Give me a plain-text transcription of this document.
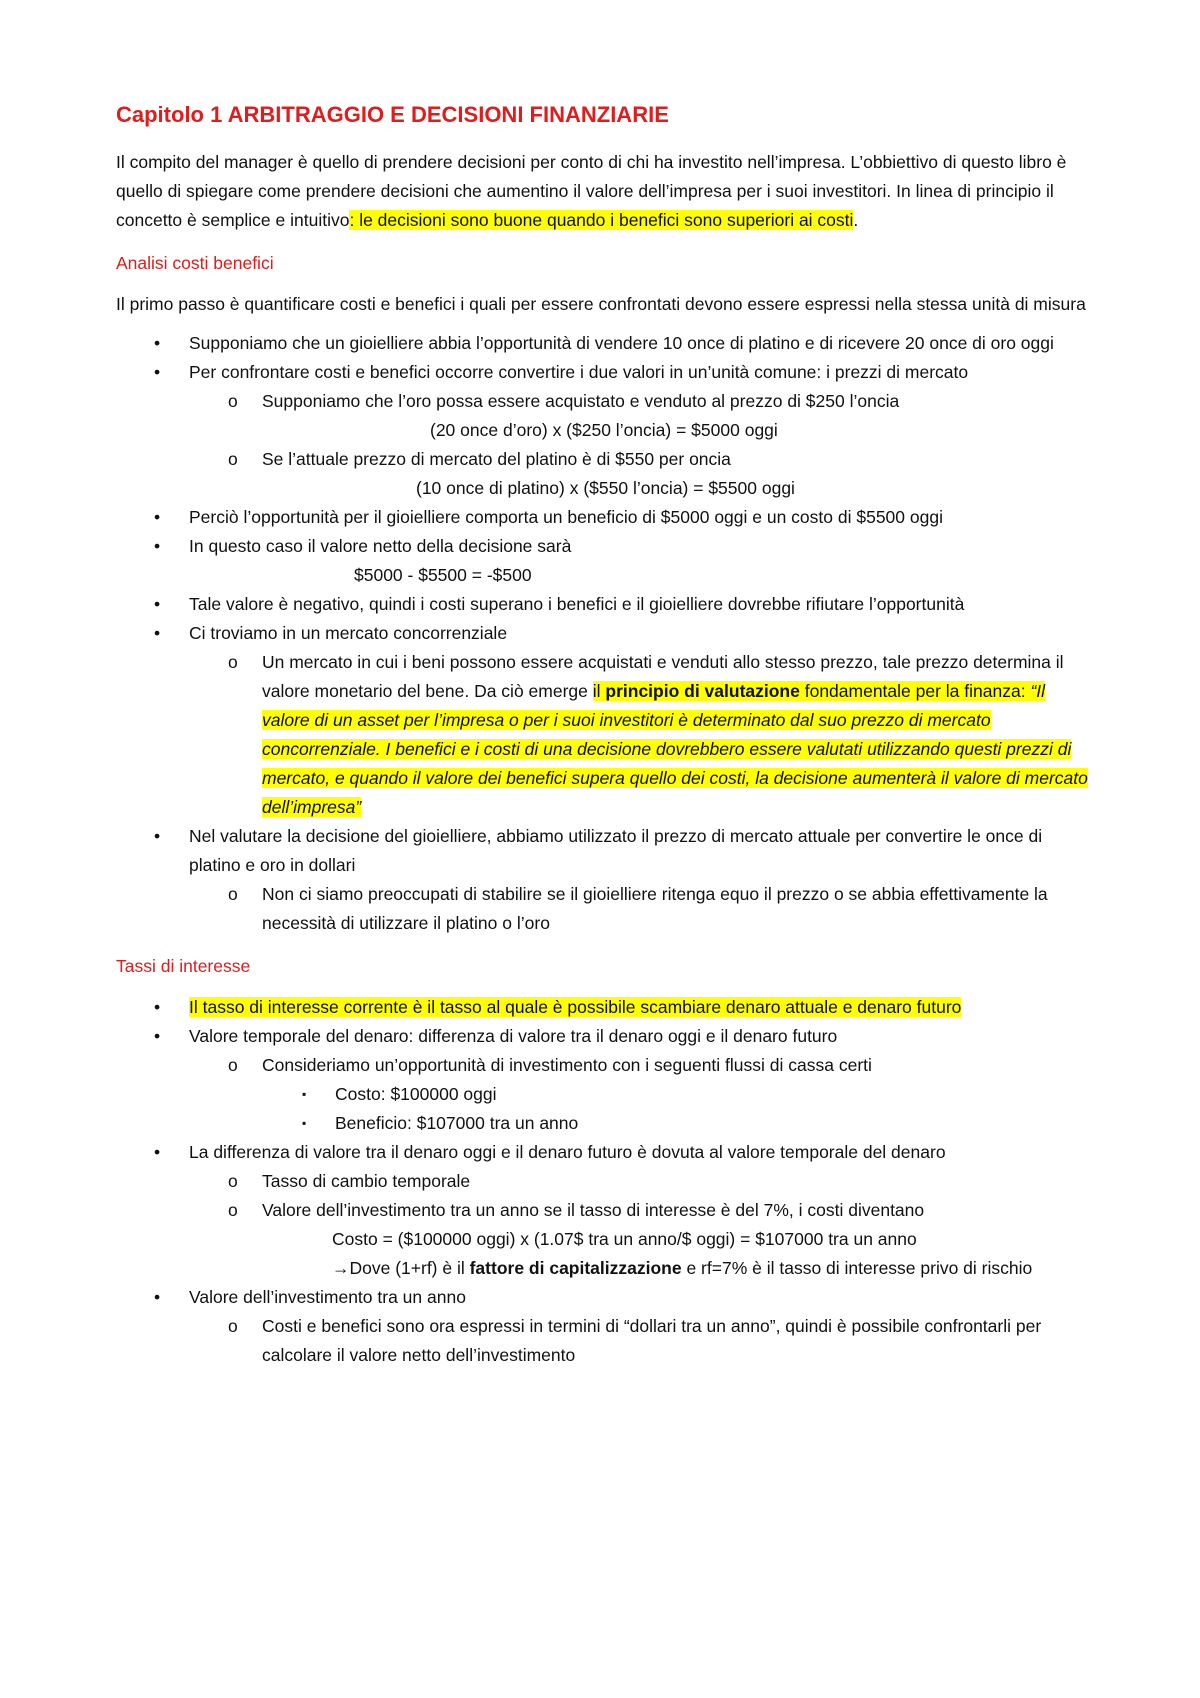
Capitolo 1 ARBITRAGGIO E DECISIONI FINANZIARIE

Il compito del manager è quello di prendere decisioni per conto di chi ha investito nell’impresa. L’obbiettivo di questo libro è quello di spiegare come prendere decisioni che aumentino il valore dell’impresa per i suoi investitori. In linea di principio il concetto è semplice e intuitivo: le decisioni sono buone quando i benefici sono superiori ai costi.

Analisi costi benefici

Il primo passo è quantificare costi e benefici i quali per essere confrontati devono essere espressi nella stessa unità di misura

• Supponiamo che un gioielliere abbia l’opportunità di vendere 10 once di platino e di ricevere 20 once di oro oggi
• Per confrontare costi e benefici occorre convertire i due valori in un’unità comune: i prezzi di mercato
o Supponiamo che l’oro possa essere acquistato e venduto al prezzo di $250 l’oncia
(20 once d’oro) x ($250 l’oncia) = $5000 oggi
o Se l’attuale prezzo di mercato del platino è di $550 per oncia
(10 once di platino) x ($550 l’oncia) = $5500 oggi
• Perciò l’opportunità per il gioielliere comporta un beneficio di $5000 oggi e un costo di $5500 oggi
• In questo caso il valore netto della decisione sarà
$5000 - $5500 = -$500
• Tale valore è negativo, quindi i costi superano i benefici e il gioielliere dovrebbe rifiutare l’opportunità
• Ci troviamo in un mercato concorrenziale
o Un mercato in cui i beni possono essere acquistati e venduti allo stesso prezzo, tale prezzo determina il valore monetario del bene. Da ciò emerge il principio di valutazione fondamentale per la finanza: “Il valore di un asset per l’impresa o per i suoi investitori è determinato dal suo prezzo di mercato concorrenziale. I benefici e i costi di una decisione dovrebbero essere valutati utilizzando questi prezzi di mercato, e quando il valore dei benefici supera quello dei costi, la decisione aumenterà il valore di mercato dell’impresa”
• Nel valutare la decisione del gioielliere, abbiamo utilizzato il prezzo di mercato attuale per convertire le once di platino e oro in dollari
o Non ci siamo preoccupati di stabilire se il gioielliere ritenga equo il prezzo o se abbia effettivamente la necessità di utilizzare il platino o l’oro
Tassi di interesse
• Il tasso di interesse corrente è il tasso al quale è possibile scambiare denaro attuale e denaro futuro
• Valore temporale del denaro: differenza di valore tra il denaro oggi e il denaro futuro
o Consideriamo un’opportunità di investimento con i seguenti flussi di cassa certi
▪ Costo: $100000 oggi
▪ Beneficio: $107000 tra un anno
• La differenza di valore tra il denaro oggi e il denaro futuro è dovuta al valore temporale del denaro
o Tasso di cambio temporale
o Valore dell’investimento tra un anno se il tasso di interesse è del 7%, i costi diventano
Costo = ($100000 oggi) x (1.07$ tra un anno/$ oggi) = $107000 tra un anno
→Dove (1+rf) è il fattore di capitalizzazione e rf=7% è il tasso di interesse privo di rischio
• Valore dell’investimento tra un anno
o Costi e benefici sono ora espressi in termini di “dollari tra un anno”, quindi è possibile confrontarli per calcolare il valore netto dell’investimento
